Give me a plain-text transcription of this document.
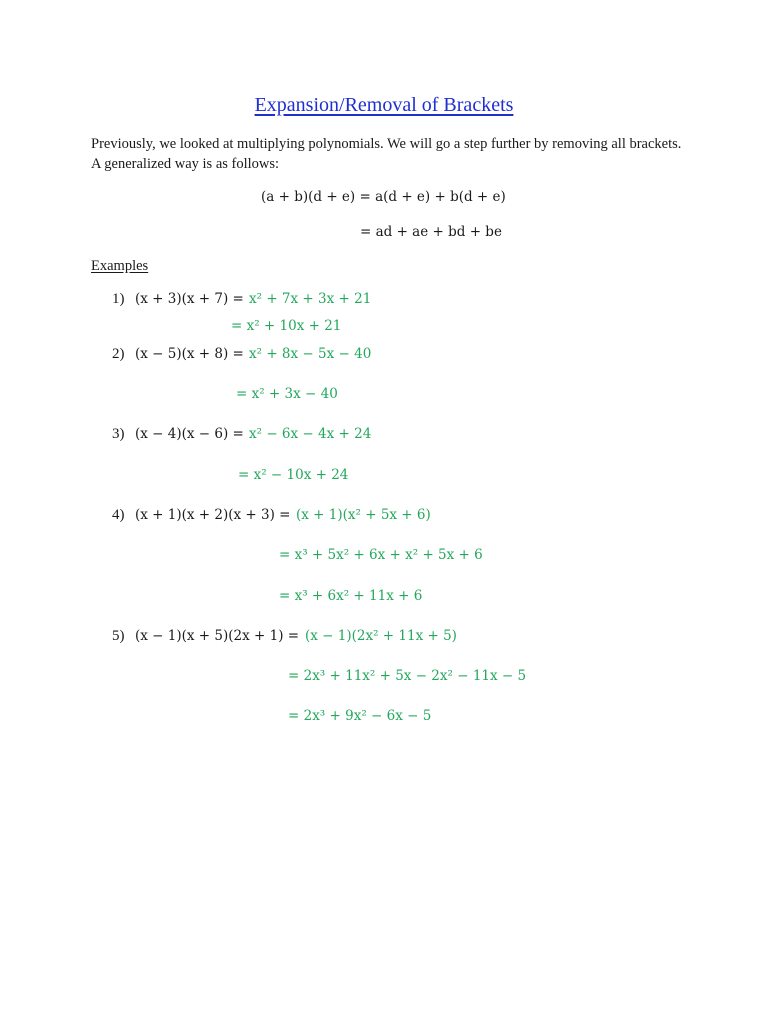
Expansion/Removal of Brackets
Previously, we looked at multiplying polynomials. We will go a step further by removing all brackets. A generalized way is as follows:
(a + b)(d + e) = a(d + e) + b(d + e)
= ad + ae + bd + be
Examples
1) (x + 3)(x + 7) = x² + 7x + 3x + 21
= x² + 10x + 21
2) (x − 5)(x + 8) = x² + 8x − 5x − 40
= x² + 3x − 40
3) (x − 4)(x − 6) = x² − 6x − 4x + 24
= x² − 10x + 24
4) (x + 1)(x + 2)(x + 3) = (x + 1)(x² + 5x + 6)
= x³ + 5x² + 6x + x² + 5x + 6
= x³ + 6x² + 11x + 6
5) (x − 1)(x + 5)(2x + 1) = (x − 1)(2x² + 11x + 5)
= 2x³ + 11x² + 5x − 2x² − 11x − 5
= 2x³ + 9x² − 6x − 5
